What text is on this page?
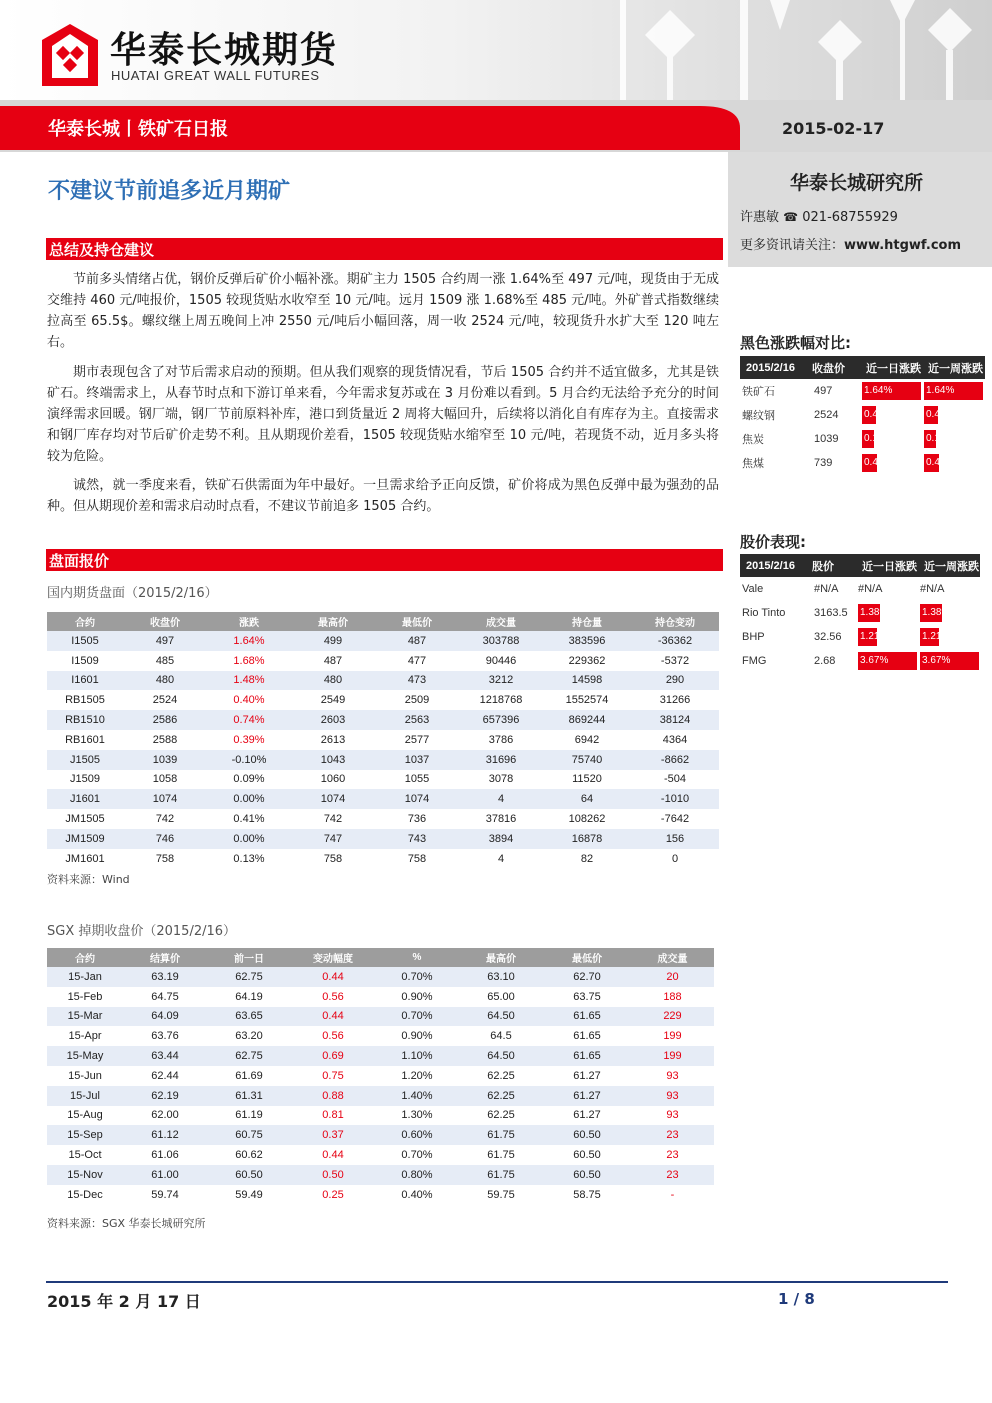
华泰长城期货
HUATAI GREAT WALL FUTURES
华泰长城丨铁矿石日报	2015-02-17
华泰长城研究所
许惠敏 ☎ 021-68755929
更多资讯请关注：www.htgwf.com
不建议节前追多近月期矿
总结及持仓建议
节前多头情绪占优，钢价反弹后矿价小幅补涨。期矿主力 1505 合约周一涨 1.64%至 497 元/吨，现货由于无成交维持 460 元/吨报价，1505 较现货贴水收窄至 10 元/吨。远月 1509 涨 1.68%至 485 元/吨。外矿普式指数继续拉高至 65.5$。螺纹继上周五晚间上冲 2550 元/吨后小幅回落，周一收 2524 元/吨，较现货升水扩大至 120 吨左右。
期市表现包含了对节后需求启动的预期。但从我们观察的现货情况看，节后 1505 合约并不适宜做多，尤其是铁矿石。终端需求上，从春节时点和下游订单来看，今年需求复苏或在 3 月份难以看到。5 月合约无法给予充分的时间演绎需求回暖。钢厂端，钢厂节前原料补库，港口到货量近 2 周将大幅回升，后续将以消化自有库存为主。直接需求和钢厂库存均对节后矿价走势不利。且从期现价差看，1505 较现货贴水缩窄至 10 元/吨，若现货不动，近月多头将较为危险。
诚然，就一季度来看，铁矿石供需面为年中最好。一旦需求给予正向反馈，矿价将成为黑色反弹中最为强劲的品种。但从期现价差和需求启动时点看，不建议节前追多 1505 合约。
盘面报价
国内期货盘面（2015/2/16）
合约	收盘价	涨跌	最高价	最低价	成交量	持仓量	持仓变动
I1505	497	1.64%	499	487	303788	383596	-36362
I1509	485	1.68%	487	477	90446	229362	-5372
I1601	480	1.48%	480	473	3212	14598	290
RB1505	2524	0.40%	2549	2509	1218768	1552574	31266
RB1510	2586	0.74%	2603	2563	657396	869244	38124
RB1601	2588	0.39%	2613	2577	3786	6942	4364
J1505	1039	-0.10%	1043	1037	31696	75740	-8662
J1509	1058	0.09%	1060	1055	3078	11520	-504
J1601	1074	0.00%	1074	1074	4	64	-1010
JM1505	742	0.41%	742	736	37816	108262	-7642
JM1509	746	0.00%	747	743	3894	16878	156
JM1601	758	0.13%	758	758	4	82	0
资料来源：Wind
SGX 掉期收盘价（2015/2/16）
合约	结算价	前一日	变动幅度	%	最高价	最低价	成交量
15-Jan	63.19	62.75	0.44	0.70%	63.10	62.70	20
15-Feb	64.75	64.19	0.56	0.90%	65.00	63.75	188
15-Mar	64.09	63.65	0.44	0.70%	64.50	61.65	229
15-Apr	63.76	63.20	0.56	0.90%	64.5	61.65	199
15-May	63.44	62.75	0.69	1.10%	64.50	61.65	199
15-Jun	62.44	61.69	0.75	1.20%	62.25	61.27	93
15-Jul	62.19	61.31	0.88	1.40%	62.25	61.27	93
15-Aug	62.00	61.19	0.81	1.30%	62.25	61.27	93
15-Sep	61.12	60.75	0.37	0.60%	61.75	60.50	23
15-Oct	61.06	60.62	0.44	0.70%	61.75	60.50	23
15-Nov	61.00	60.50	0.50	0.80%	61.75	60.50	23
15-Dec	59.74	59.49	0.25	0.40%	59.75	58.75	-
资料来源：SGX 华泰长城研究所
黑色涨跌幅对比:
2015/2/16	收盘价	近一日涨跌	近一周涨跌
铁矿石	497	1.64%	1.64%
螺纹钢	2524	0.40%	0.40%
焦炭	1039	0.10%	0.10%
焦煤	739	0.41%	0.41%
股价表现:
2015/2/16	股价	近一日涨跌	近一周涨跌
Vale	#N/A	#N/A	#N/A
Rio Tinto	3163.5	1.38%	1.38%
BHP	32.56	1.21%	1.21%
FMG	2.68	3.67%	3.67%
2015 年 2 月 17 日	1 / 8
